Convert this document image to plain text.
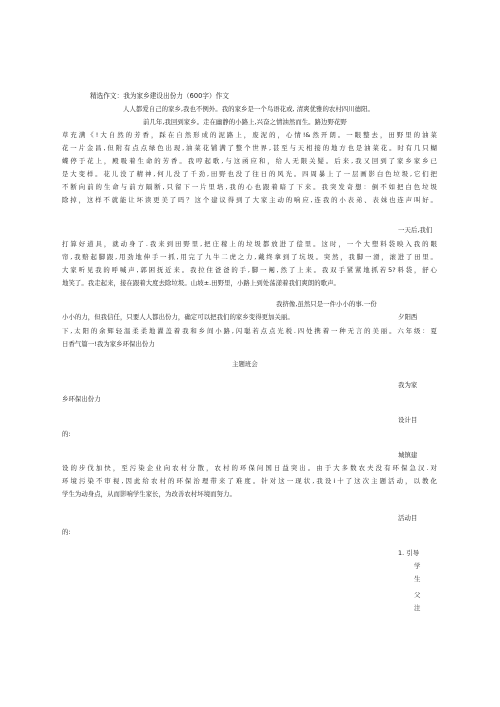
精选作文：我为家乡建设出份力（600字）作文
人人都爱自己的家乡,我也不例外。我的家乡是一个鸟语花或, 清爽优雅的农村四川德阳。
前几年,我回到家乡。走在幽静的小路上,兴奋之情油然而生。路边野花野
草充满《!大自然的芳香，踩在自然形成的泥路上，废泥的，心情!&然开朗。一眼整去，田野里的油菜
花一片金昌,但附有点点绿色出现,油菜花铺满了整个世界,甚至与天相接的地方也是油菜花。时有几只蝴
蝶停于花上，殿吸着生命的芳香。我哼起歌,与这函应和，给人无限关疑。后来,我又回到了家乡家乡已
是大变样。花儿没了精神,何儿没了千劲,田野也没了往日的风光。四周暴上了一层画影白色垃圾,它们把
不断向前的生命与前方隔断,只留下一片里培,我的心也跟着暗了下来。我突发奇想：倒不如把白色垃圾
除掉，这样不就能让坏读更美了吗？这个建议得到了大家主动的响应,连我的小表弟、表妹也连声叫好。
一天后,我们
打算好道具，就动身了.我来到田野里,把庄稼上的垃圾都放进了偿里。这时，一个大塑料袋映入我的眼
帘,我赔起脚跟,用劲地伸手一抓,用完了九牛二虎之力,戴终拿到了坑圾。突然，我脚一滑，滚进了田里。
大家听见我的呼喊声,郭困抚近来。我拉住爸爸的手,脚一阄,然了上来。我双手紧紧地抓若5?料袋，舒心
地笑了。我走起来，接在跟着大度去除垃圾。山坡±.田野里，小路上到处荡漾着我们爽朗的歌声。
我挤像,虽然只是一件小小的事.一份
小小的力，但我信任，只要人人都出份力，确定可以把我们的家乡变得更加关丽。	夕阳西
下,太阳的余辉轻温柔柔地濯盖着我和乡间小路,闪聪若点点光税.四处携着一种无言的美丽。六年级：夏
日香气篇一!我为家乡环保出份力
主题班会
我为家
乡环保出份力
设计目
的:
城镇建
设的步伐加快，至污染企业向农村分散，农村的环保问国日益突出。由于大多数农夫没有环保急汉.对
环境污染不审视,因此给农村的环保治理带来了难度。针对这一现状,我设i十了这次主题活动，以教化
学生为动身点，从而影响学生家长，为改善农村坏境而努力。
活动目
的:
1. 引导
学
生
父
注
